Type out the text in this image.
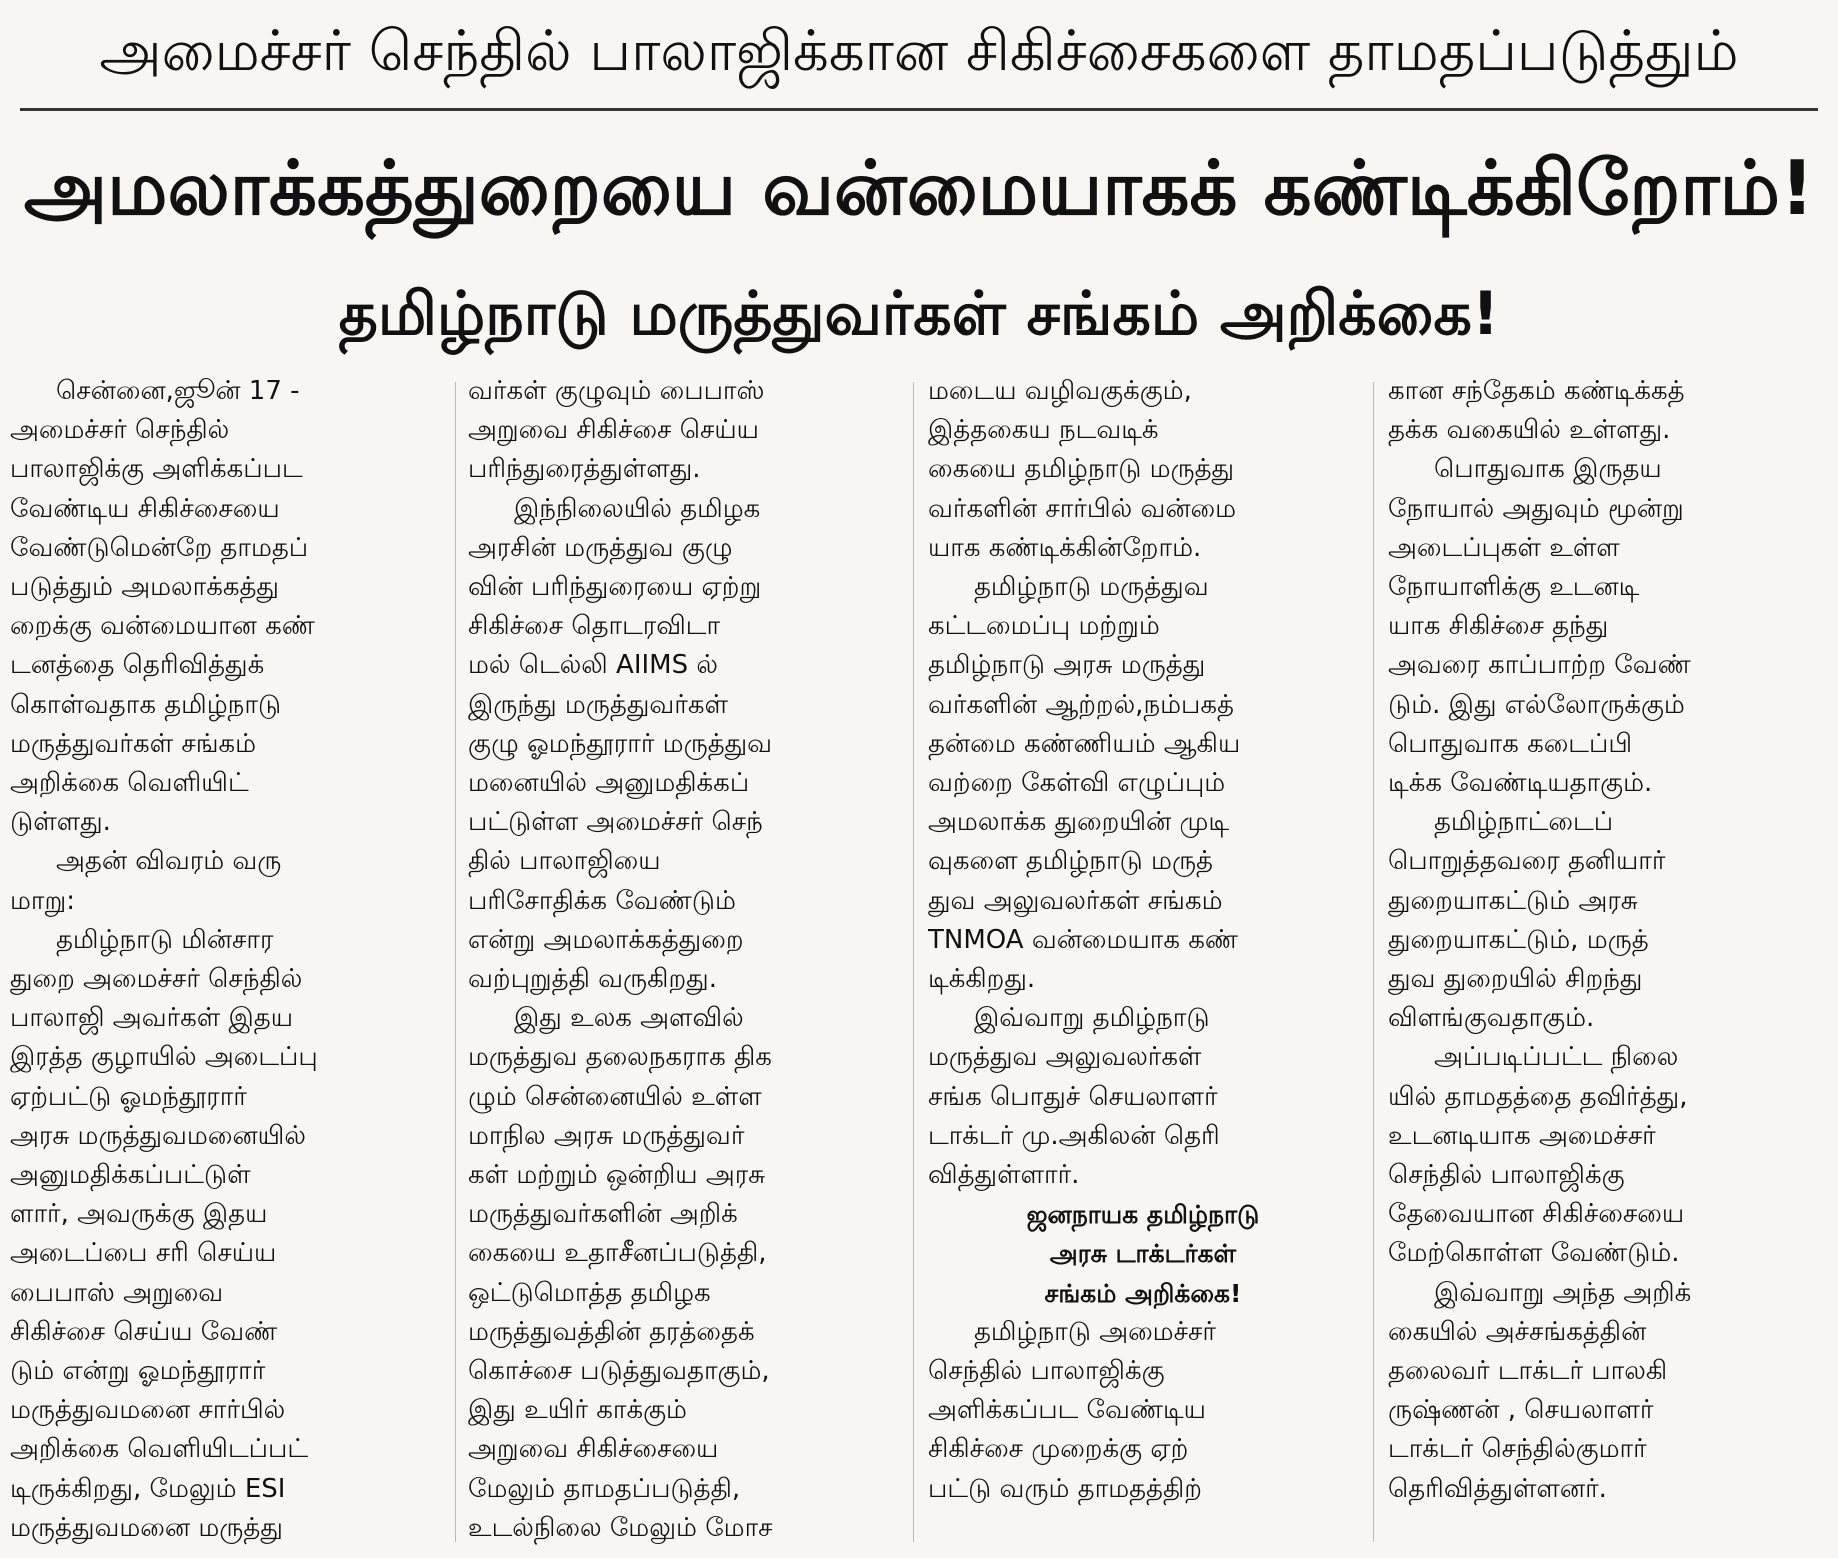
அமைச்சர் செந்தில் பாலாஜிக்கான சிகிச்சைகளை தாமதப்படுத்தும்
அமலாக்கத்துறையை வன்மையாகக் கண்டிக்கிறோம்!
தமிழ்நாடு மருத்துவர்கள் சங்கம் அறிக்கை!

சென்னை,ஜூன் 17 -

அமைச்சர் செந்தில்

பாலாஜிக்கு அளிக்கப்பட

வேண்டிய சிகிச்சையை

வேண்டுமென்றே தாமதப்

படுத்தும் அமலாக்கத்து

றைக்கு வன்மையான கண்

டனத்தை தெரிவித்துக்

கொள்வதாக தமிழ்நாடு

மருத்துவர்கள் சங்கம்

அறிக்கை வெளியிட்

டுள்ளது.

அதன் விவரம் வரு

மாறு:

தமிழ்நாடு மின்சார

துறை அமைச்சர் செந்தில்

பாலாஜி அவர்கள் இதய

இரத்த குழாயில் அடைப்பு

ஏற்பட்டு ஓமந்தூரார்

அரசு மருத்துவமனையில்

அனுமதிக்கப்பட்டுள்

ளார், அவருக்கு இதய

அடைப்பை சரி செய்ய

பைபாஸ் அறுவை

சிகிச்சை செய்ய வேண்

டும் என்று ஓமந்தூரார்

மருத்துவமனை சார்பில்

அறிக்கை வெளியிடப்பட்

டிருக்கிறது, மேலும் ESI

மருத்துவமனை மருத்து

வர்கள் குழுவும் பைபாஸ்

அறுவை சிகிச்சை செய்ய

பரிந்துரைத்துள்ளது.

இந்நிலையில் தமிழக

அரசின் மருத்துவ குழு

வின் பரிந்துரையை ஏற்று

சிகிச்சை தொடரவிடா

மல் டெல்லி AIIMS ல்

இருந்து மருத்துவர்கள்

குழு ஓமந்தூரார் மருத்துவ

மனையில் அனுமதிக்கப்

பட்டுள்ள அமைச்சர் செந்

தில் பாலாஜியை

பரிசோதிக்க வேண்டும்

என்று அமலாக்கத்துறை

வற்புறுத்தி வருகிறது.

இது உலக அளவில்

மருத்துவ தலைநகராக திக

ழும் சென்னையில் உள்ள

மாநில அரசு மருத்துவர்

கள் மற்றும் ஒன்றிய அரசு

மருத்துவர்களின் அறிக்

கையை உதாசீனப்படுத்தி,

ஒட்டுமொத்த தமிழக

மருத்துவத்தின் தரத்தைக்

கொச்சை படுத்துவதாகும்,

இது உயிர் காக்கும்

அறுவை சிகிச்சையை

மேலும் தாமதப்படுத்தி,

உடல்நிலை மேலும் மோச

மடைய வழிவகுக்கும்,

இத்தகைய நடவடிக்

கையை தமிழ்நாடு மருத்து

வர்களின் சார்பில் வன்மை

யாக கண்டிக்கின்றோம்.

தமிழ்நாடு மருத்துவ

கட்டமைப்பு மற்றும்

தமிழ்நாடு அரசு மருத்து

வர்களின் ஆற்றல்,நம்பகத்

தன்மை கண்ணியம் ஆகிய

வற்றை கேள்வி எழுப்பும்

அமலாக்க துறையின் முடி

வுகளை தமிழ்நாடு மருத்

துவ அலுவலர்கள் சங்கம்

TNMOA வன்மையாக கண்

டிக்கிறது.

இவ்வாறு தமிழ்நாடு

மருத்துவ அலுவலர்கள்

சங்க பொதுச் செயலாளர்

டாக்டர் மு.அகிலன் தெரி

வித்துள்ளார்.

ஜனநாயக தமிழ்நாடு
அரசு டாக்டர்கள்
சங்கம் அறிக்கை!

தமிழ்நாடு அமைச்சர்

செந்தில் பாலாஜிக்கு

அளிக்கப்பட வேண்டிய

சிகிச்சை முறைக்கு ஏற்

பட்டு வரும் தாமதத்திற்

கான சந்தேகம் கண்டிக்கத்

தக்க வகையில் உள்ளது.

பொதுவாக இருதய

நோயால் அதுவும் மூன்று

அடைப்புகள் உள்ள

நோயாளிக்கு உடனடி

யாக சிகிச்சை தந்து

அவரை காப்பாற்ற வேண்

டும். இது எல்லோருக்கும்

பொதுவாக கடைப்பி

டிக்க வேண்டியதாகும்.

தமிழ்நாட்டைப்

பொறுத்தவரை தனியார்

துறையாகட்டும் அரசு

துறையாகட்டும், மருத்

துவ துறையில் சிறந்து

விளங்குவதாகும்.

அப்படிப்பட்ட நிலை

யில் தாமதத்தை தவிர்த்து,

உடனடியாக அமைச்சர்

செந்தில் பாலாஜிக்கு

தேவையான சிகிச்சையை

மேற்கொள்ள வேண்டும்.

இவ்வாறு அந்த அறிக்

கையில் அச்சங்கத்தின்

தலைவர் டாக்டர் பாலகி

ருஷ்ணன் , செயலாளர்

டாக்டர் செந்தில்குமார்

தெரிவித்துள்ளனர்.
